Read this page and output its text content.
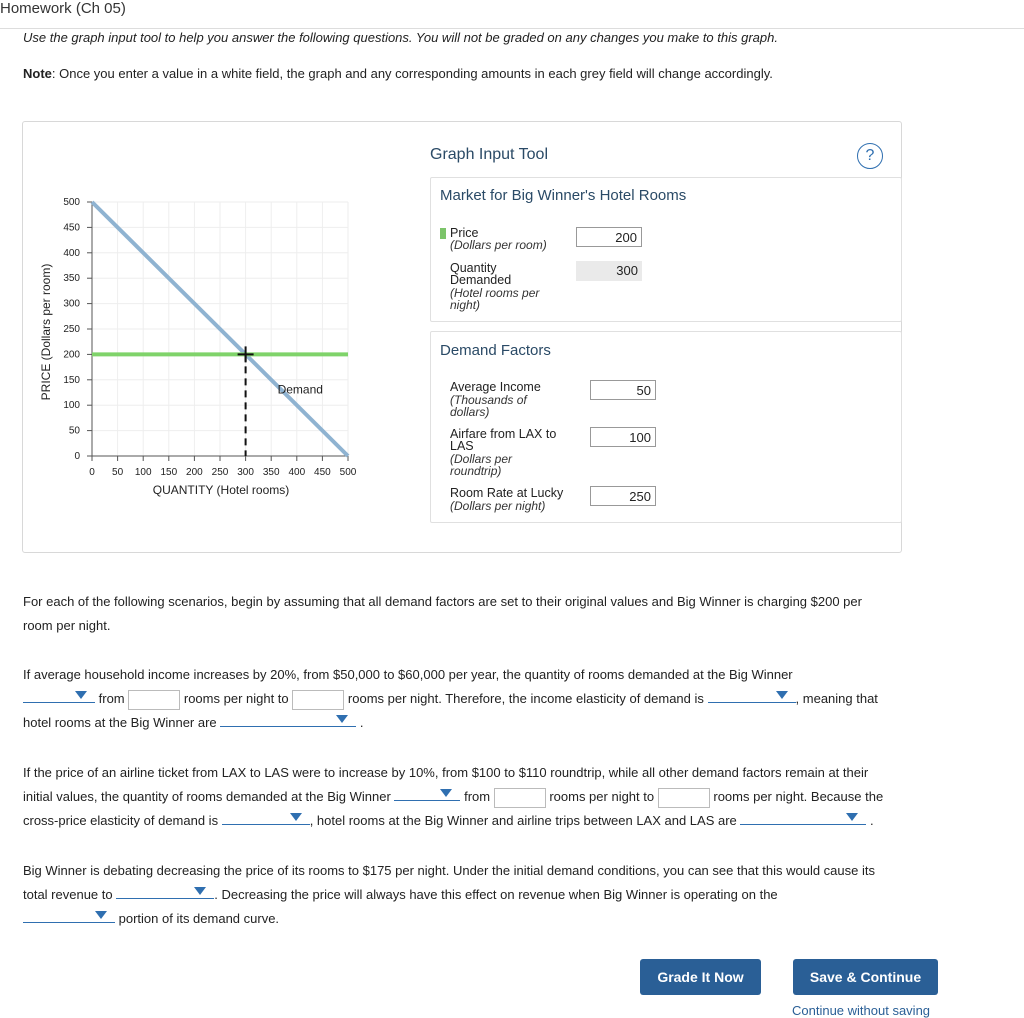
Homework (Ch 05)
Use the graph input tool to help you answer the following questions. You will not be graded on any changes you make to this graph.
Note: Once you enter a value in a white field, the graph and any corresponding amounts in each grey field will change accordingly.
0
50
100
150
200
250
300
350
400
450
500
0 50 100 150 200 250 300 350 400 450 500
PRICE (Dollars per room)
QUANTITY (Hotel rooms)
Demand
Graph Input Tool	?
Market for Big Winner's Hotel Rooms
Price
(Dollars per room)	200
Quantity
Demanded
(Hotel rooms per
night)
300
Demand Factors
Average Income
(Thousands of
dollars)
50
Airfare from LAX to
LAS
(Dollars per
roundtrip)
100
Room Rate at Lucky
(Dollars per night)
250
For each of the following scenarios, begin by assuming that all demand factors are set to their original values and Big Winner is charging $200 per
room per night.
If average household income increases by 20%, from $50,000 to $60,000 per year, the quantity of rooms demanded at the Big Winner

from	rooms per night to	rooms per night. Therefore, the income elasticity of demand is	, meaning that
hotel rooms at the Big Winner are	.
If the price of an airline ticket from LAX to LAS were to increase by 10%, from $100 to $110 roundtrip, while all other demand factors remain at their
initial values, the quantity of rooms demanded at the Big Winner	from	rooms per night to	rooms per night. Because the
cross-price elasticity of demand is	, hotel rooms at the Big Winner and airline trips between LAX and LAS are	.
Big Winner is debating decreasing the price of its rooms to $175 per night. Under the initial demand conditions, you can see that this would cause its
total revenue to	. Decreasing the price will always have this effect on revenue when Big Winner is operating on the

portion of its demand curve.
Grade It Now	Save & Continue
Continue without saving
